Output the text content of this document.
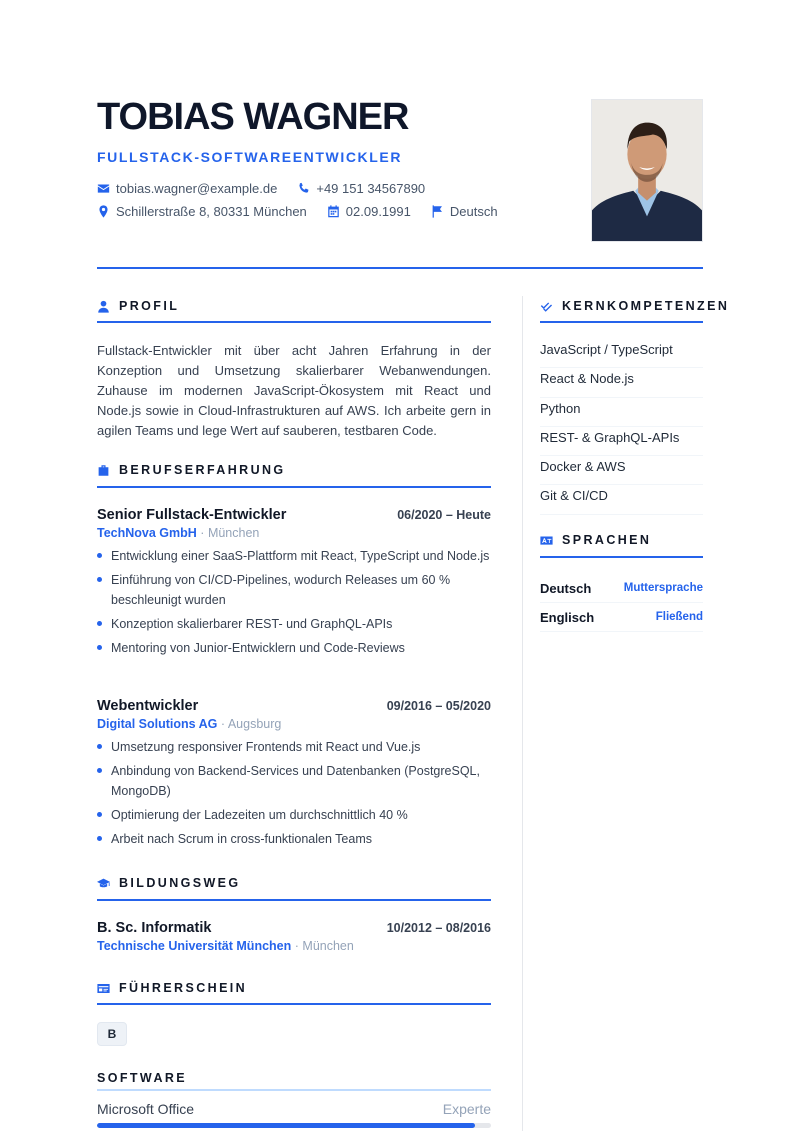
TOBIAS WAGNER
FULLSTACK-SOFTWAREENTWICKLER
tobias.wagner@example.de	+49 151 34567890
Schillerstraße 8, 80331 München	02.09.1991	Deutsch
PROFIL
Fullstack-Entwickler mit über acht Jahren Erfahrung in der Konzeption und Umsetzung skalierbarer Webanwendungen. Zuhause im modernen JavaScript-Ökosystem mit React und Node.js sowie in Cloud-Infrastrukturen auf AWS. Ich arbeite gern in agilen Teams und lege Wert auf sauberen, testbaren Code.
BERUFSERFAHRUNG
Senior Fullstack-Entwickler	06/2020 – Heute
TechNova GmbH · München
Entwicklung einer SaaS-Plattform mit React, TypeScript und Node.js
Einführung von CI/CD-Pipelines, wodurch Releases um 60 % beschleunigt wurden
Konzeption skalierbarer REST- und GraphQL-APIs
Mentoring von Junior-Entwicklern und Code-Reviews
Webentwickler	09/2016 – 05/2020
Digital Solutions AG · Augsburg
Umsetzung responsiver Frontends mit React und Vue.js
Anbindung von Backend-Services und Datenbanken (PostgreSQL, MongoDB)
Optimierung der Ladezeiten um durchschnittlich 40 %
Arbeit nach Scrum in cross-funktionalen Teams
BILDUNGSWEG
B. Sc. Informatik	10/2012 – 08/2016
Technische Universität München · München
FÜHRERSCHEIN
B
SOFTWARE
Microsoft Office	Experte
KERNKOMPETENZEN
JavaScript / TypeScript
React & Node.js
Python
REST- & GraphQL-APIs
Docker & AWS
Git & CI/CD
SPRACHEN
Deutsch	Muttersprache
Englisch	Fließend
